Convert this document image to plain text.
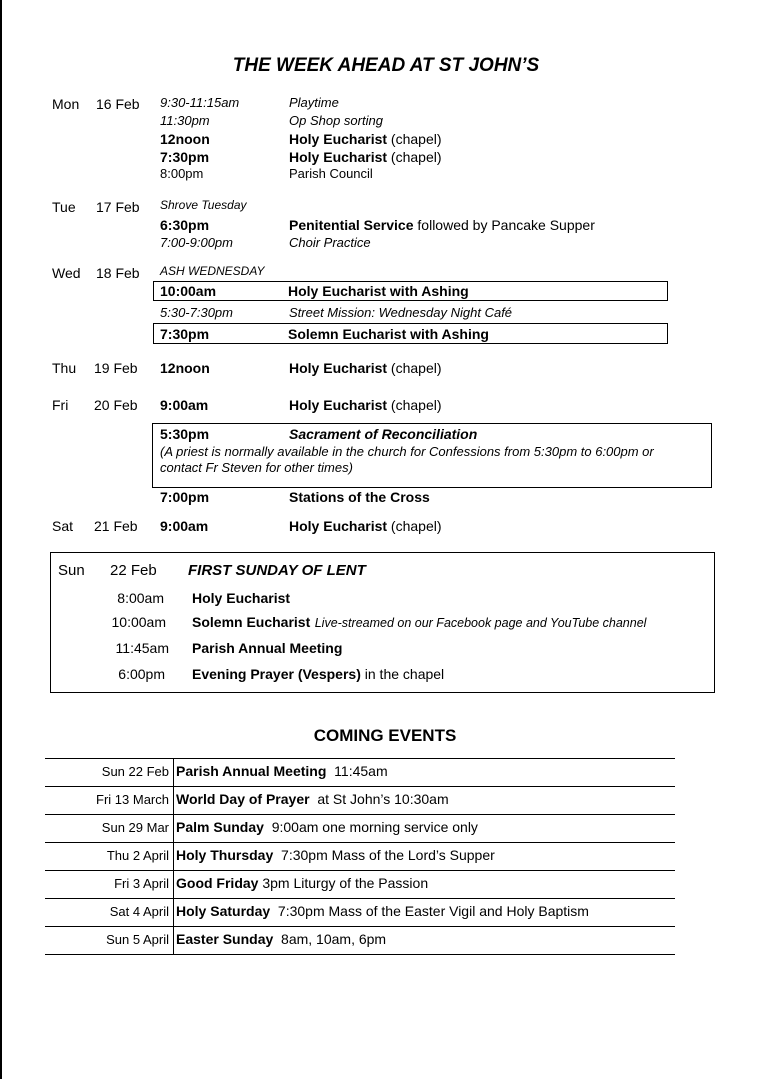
THE WEEK AHEAD AT ST JOHN’S
Mon 16 Feb 9:30-11:15am	Playtime
11:30pm	Op Shop sorting
12noon	Holy Eucharist (chapel)
7:30pm	Holy Eucharist (chapel)
8:00pm	Parish Council
Tue 17 Feb Shrove Tuesday
6:30pm	Penitential Service followed by Pancake Supper
7:00-9:00pm	Choir Practice
Wed 18 Feb ASH WEDNESDAY
10:00am	Holy Eucharist with Ashing
5:30-7:30pm	Street Mission: Wednesday Night Café
7:30pm	Solemn Eucharist with Ashing
Thu 19 Feb 12noon	Holy Eucharist (chapel)
Fri 20 Feb 9:00am	Holy Eucharist (chapel)
5:30pm	Sacrament of Reconciliation
(A priest is normally available in the church for Confessions from 5:30pm to 6:00pm or
contact Fr Steven for other times)
7:00pm	Stations of the Cross
Sat 21 Feb 9:00am	Holy Eucharist (chapel)
Sun 22 Feb FIRST SUNDAY OF LENT
8:00am Holy Eucharist
10:00am Solemn Eucharist Live-streamed on our Facebook page and YouTube channel
11:45am Parish Annual Meeting
6:00pm Evening Prayer (Vespers) in the chapel
COMING EVENTS
Sun 22 Feb Parish Annual Meeting 11:45am
Fri 13 March World Day of Prayer at St John’s 10:30am
Sun 29 Mar Palm Sunday 9:00am one morning service only
Thu 2 April Holy Thursday 7:30pm Mass of the Lord’s Supper
Fri 3 April Good Friday 3pm Liturgy of the Passion
Sat 4 April Holy Saturday 7:30pm Mass of the Easter Vigil and Holy Baptism
Sun 5 April Easter Sunday 8am, 10am, 6pm
